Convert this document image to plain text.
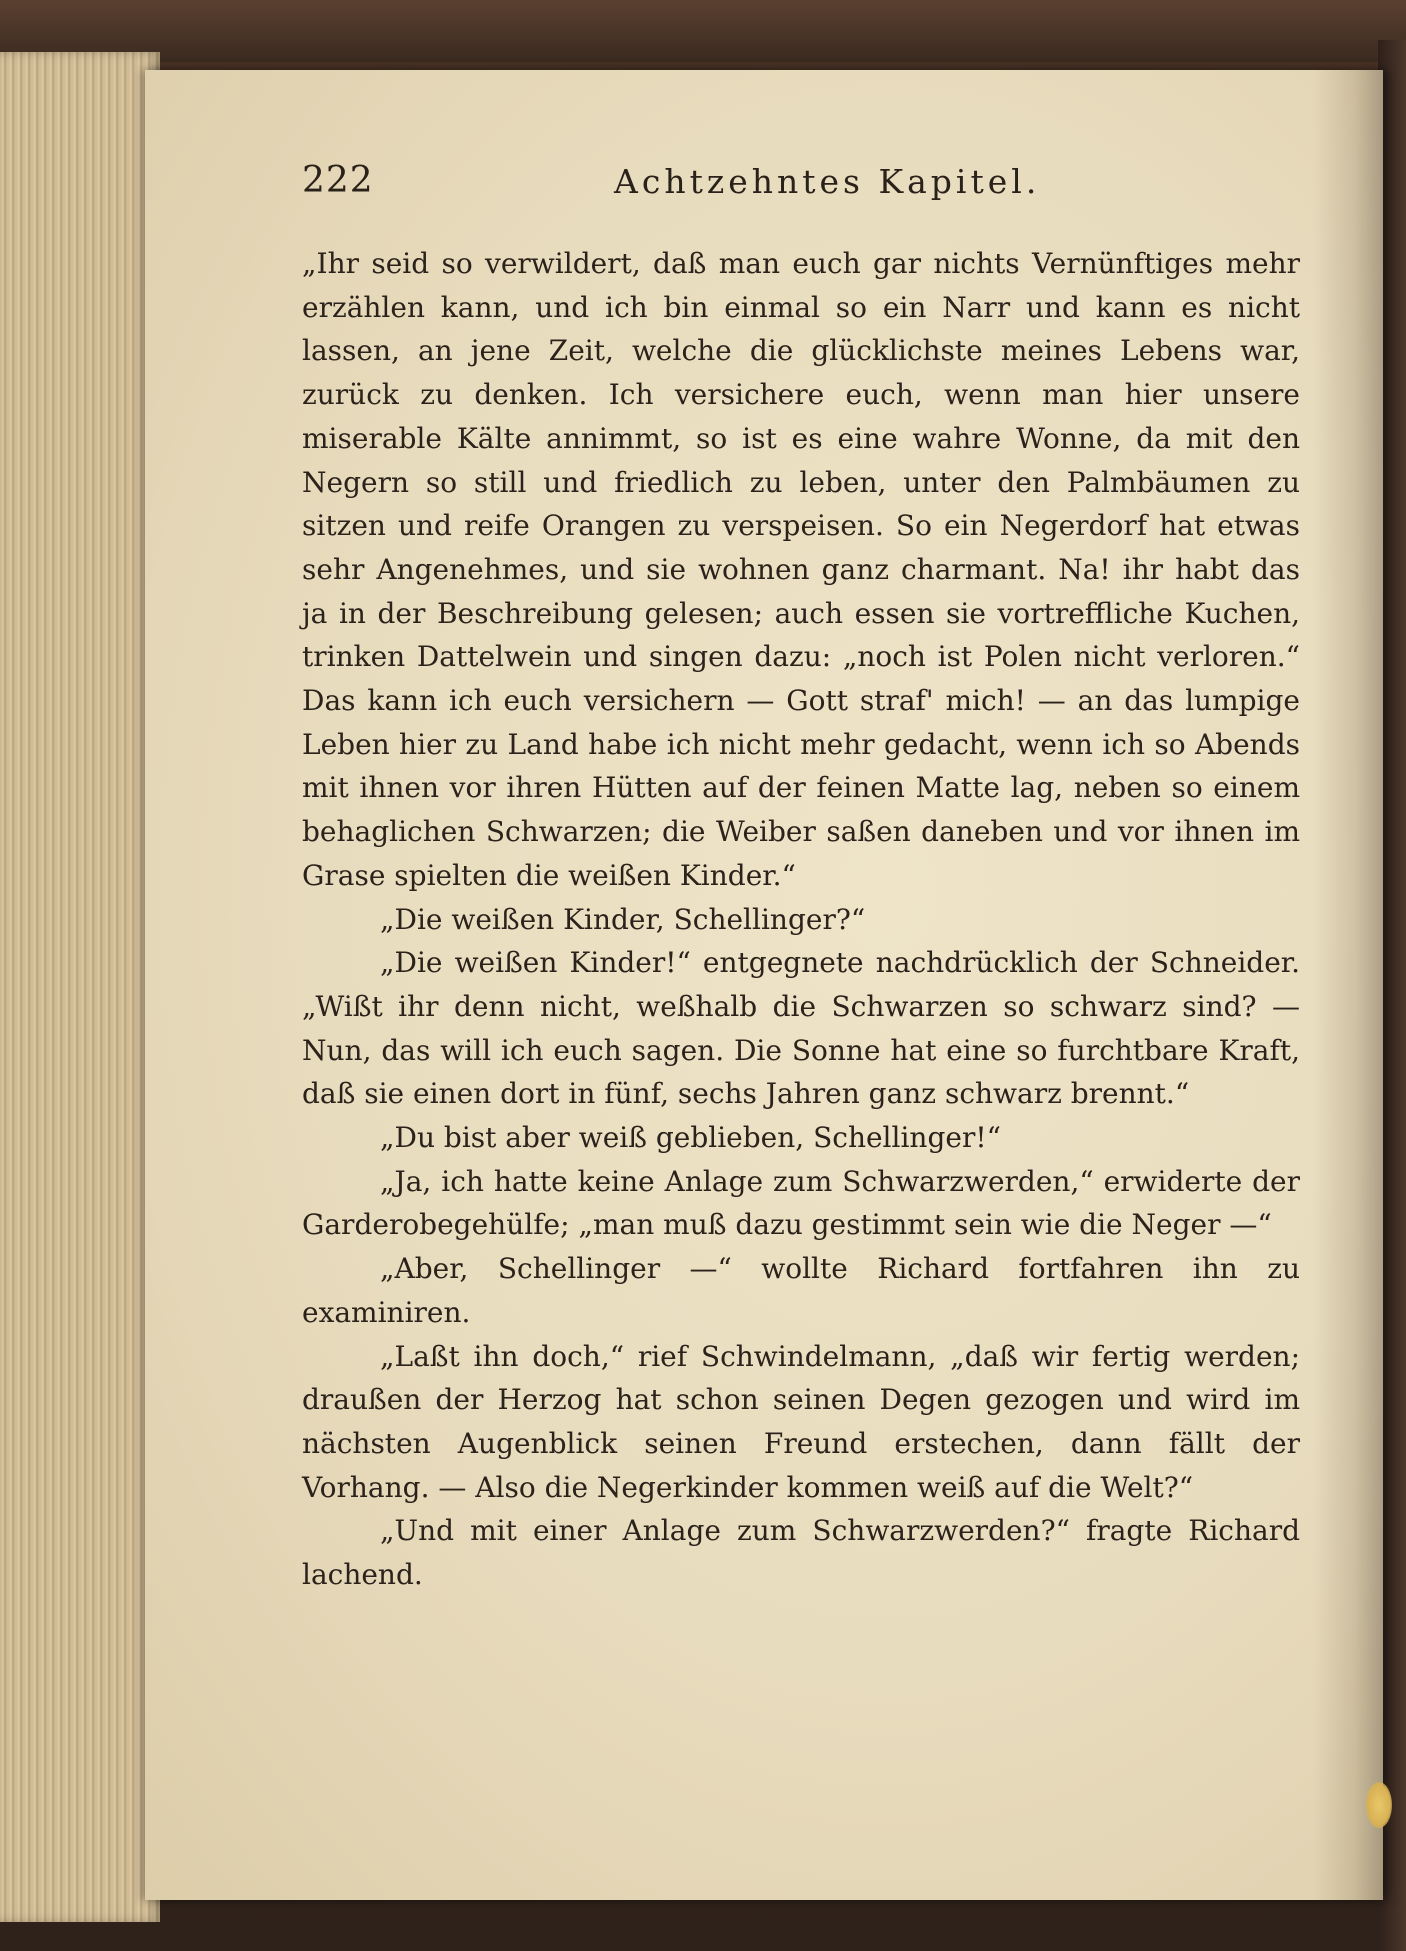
222	Achtzehntes Kapitel.

„Ihr seid so verwildert, daß man euch gar nichts Vernünftiges mehr erzählen kann, und ich bin einmal so ein Narr und kann es nicht lassen, an jene Zeit, welche die glücklichste meines Lebens war, zurück zu denken. Ich versichere euch, wenn man hier unsere miserable Kälte annimmt, so ist es eine wahre Wonne, da mit den Negern so still und friedlich zu leben, unter den Palmbäumen zu sitzen und reife Orangen zu verspeisen. So ein Negerdorf hat etwas sehr Angenehmes, und sie wohnen ganz charmant. Na! ihr habt das ja in der Beschreibung gelesen; auch essen sie vortreffliche Kuchen, trinken Dattelwein und singen dazu: „noch ist Polen nicht verloren.“ Das kann ich euch versichern — Gott straf' mich! — an das lumpige Leben hier zu Land habe ich nicht mehr gedacht, wenn ich so Abends mit ihnen vor ihren Hütten auf der feinen Matte lag, neben so einem behaglichen Schwarzen; die Weiber saßen daneben und vor ihnen im Grase spielten die weißen Kinder.“

„Die weißen Kinder, Schellinger?“

„Die weißen Kinder!“ entgegnete nachdrücklich der Schneider. „Wißt ihr denn nicht, weßhalb die Schwarzen so schwarz sind? — Nun, das will ich euch sagen. Die Sonne hat eine so furchtbare Kraft, daß sie einen dort in fünf, sechs Jahren ganz schwarz brennt.“

„Du bist aber weiß geblieben, Schellinger!“

„Ja, ich hatte keine Anlage zum Schwarzwerden,“ erwiderte der Garderobegehülfe; „man muß dazu gestimmt sein wie die Neger —“

„Aber, Schellinger —“ wollte Richard fortfahren ihn zu examiniren.

„Laßt ihn doch,“ rief Schwindelmann, „daß wir fertig werden; draußen der Herzog hat schon seinen Degen gezogen und wird im nächsten Augenblick seinen Freund erstechen, dann fällt der Vorhang. — Also die Negerkinder kommen weiß auf die Welt?“

„Und mit einer Anlage zum Schwarzwerden?“ fragte Richard lachend.
